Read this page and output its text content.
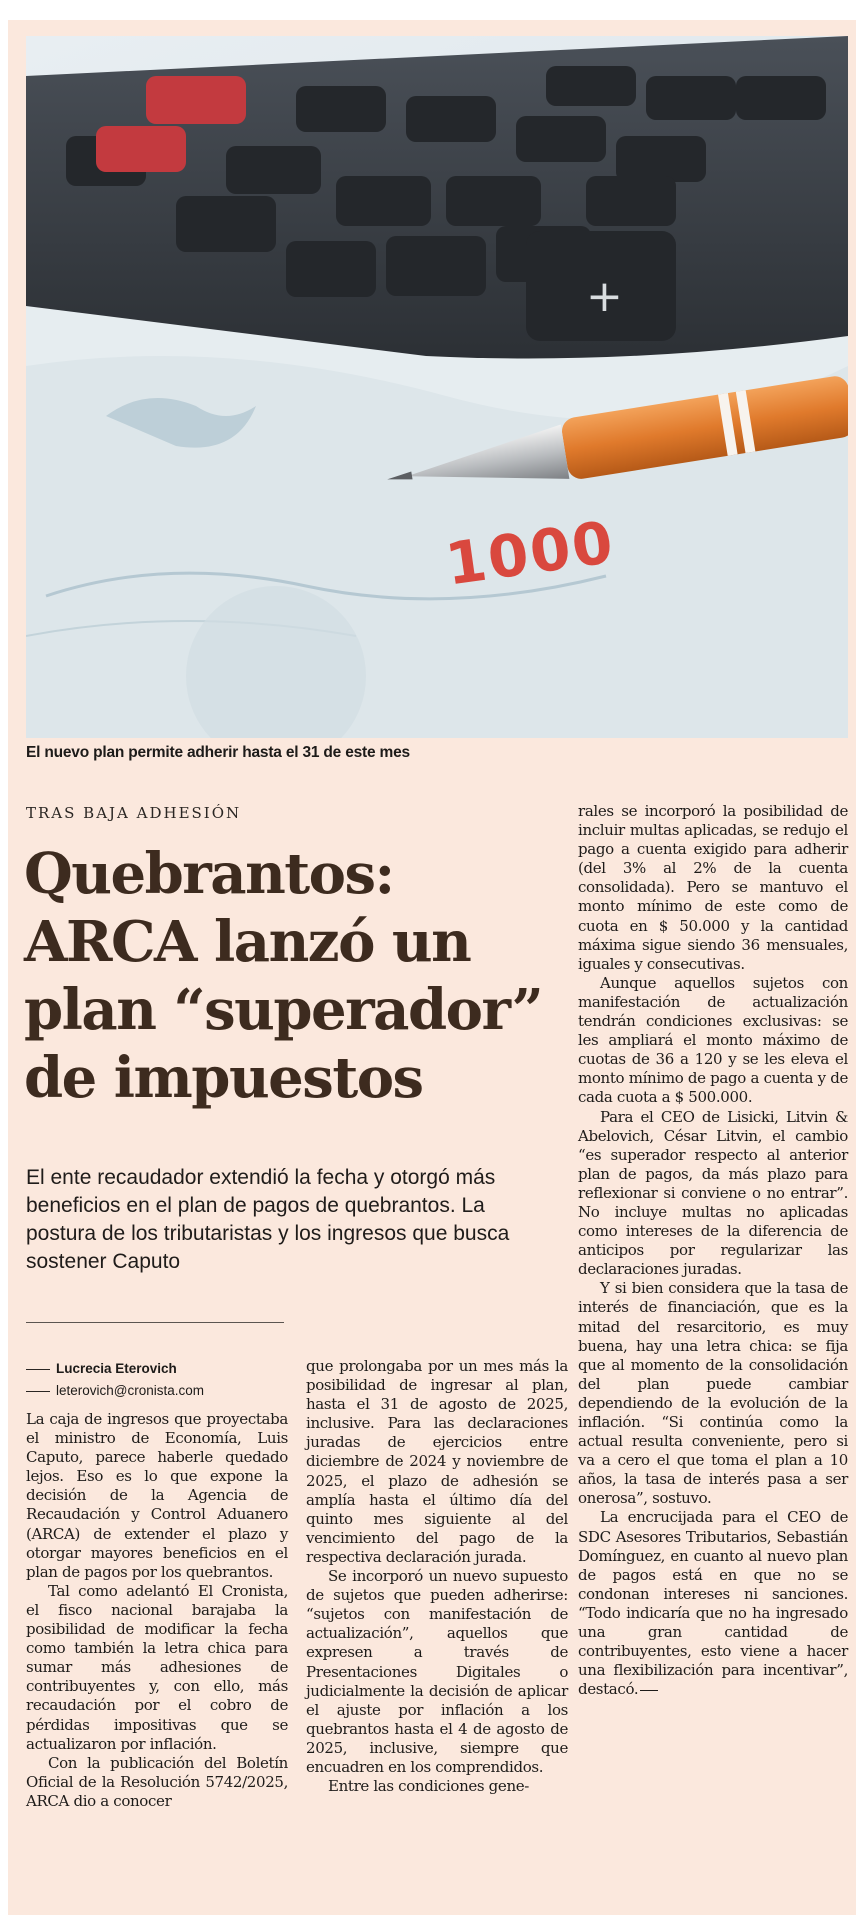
1000
+
El nuevo plan permite adherir hasta el 31 de este mes
TRAS BAJA ADHESIÓN
Quebrantos:
ARCA lanzó un
plan “superador”
de impuestos
El ente recaudador extendió la fecha y otorgó más beneficios en el plan de pagos de quebrantos. La postura de los tributaristas y los ingresos que busca sostener Caputo
Lucrecia Eterovich
leterovich@cronista.com

La caja de ingresos que proyectaba el ministro de Economía, Luis Caputo, parece haberle quedado lejos. Eso es lo que expone la decisión de la Agencia de Recaudación y Control Aduanero (ARCA) de extender el plazo y otorgar mayores beneficios en el plan de pagos por los quebrantos.

Tal como adelantó El Cronista, el fisco nacional barajaba la posibilidad de modificar la fecha como también la letra chica para sumar más adhesiones de contribuyentes y, con ello, más recaudación por el cobro de pérdidas impositivas que se actualizaron por inflación.

Con la publicación del Boletín Oficial de la Resolución 5742/2025, ARCA dio a conocer

que prolongaba por un mes más la posibilidad de ingresar al plan, hasta el 31 de agosto de 2025, inclusive. Para las declaraciones juradas de ejercicios entre diciembre de 2024 y noviembre de 2025, el plazo de adhesión se amplía hasta el último día del quinto mes siguiente al del vencimiento del pago de la respectiva declaración jurada.

Se incorporó un nuevo supuesto de sujetos que pueden adherirse: “sujetos con manifestación de actualización”, aquellos que expresen a través de Presentaciones Digitales o judicialmente la decisión de aplicar el ajuste por inflación a los quebrantos hasta el 4 de agosto de 2025, inclusive, siempre que encuadren en los comprendidos.

Entre las condiciones gene-

rales se incorporó la posibilidad de incluir multas aplicadas, se redujo el pago a cuenta exigido para adherir (del 3% al 2% de la cuenta consolidada). Pero se mantuvo el monto mínimo de este como de cuota en $ 50.000 y la cantidad máxima sigue siendo 36 mensuales, iguales y consecutivas.

Aunque aquellos sujetos con manifestación de actualización tendrán condiciones exclusivas: se les ampliará el monto máximo de cuotas de 36 a 120 y se les eleva el monto mínimo de pago a cuenta y de cada cuota a $ 500.000.

Para el CEO de Lisicki, Litvin & Abelovich, César Litvin, el cambio “es superador respecto al anterior plan de pagos, da más plazo para reflexionar si conviene o no entrar”. No incluye multas no aplicadas como intereses de la diferencia de anticipos por regularizar las declaraciones juradas.

Y si bien considera que la tasa de interés de financiación, que es la mitad del resarcitorio, es muy buena, hay una letra chica: se fija que al momento de la consolidación del plan puede cambiar dependiendo de la evolución de la inflación. “Si continúa como la actual resulta conveniente, pero si va a cero el que toma el plan a 10 años, la tasa de interés pasa a ser onerosa”, sostuvo.

La encrucijada para el CEO de SDC Asesores Tributarios, Sebastián Domínguez, en cuanto al nuevo plan de pagos está en que no se condonan intereses ni sanciones. “Todo indicaría que no ha ingresado una gran cantidad de contribuyentes, esto viene a hacer una flexibilización para incentivar”, destacó.
